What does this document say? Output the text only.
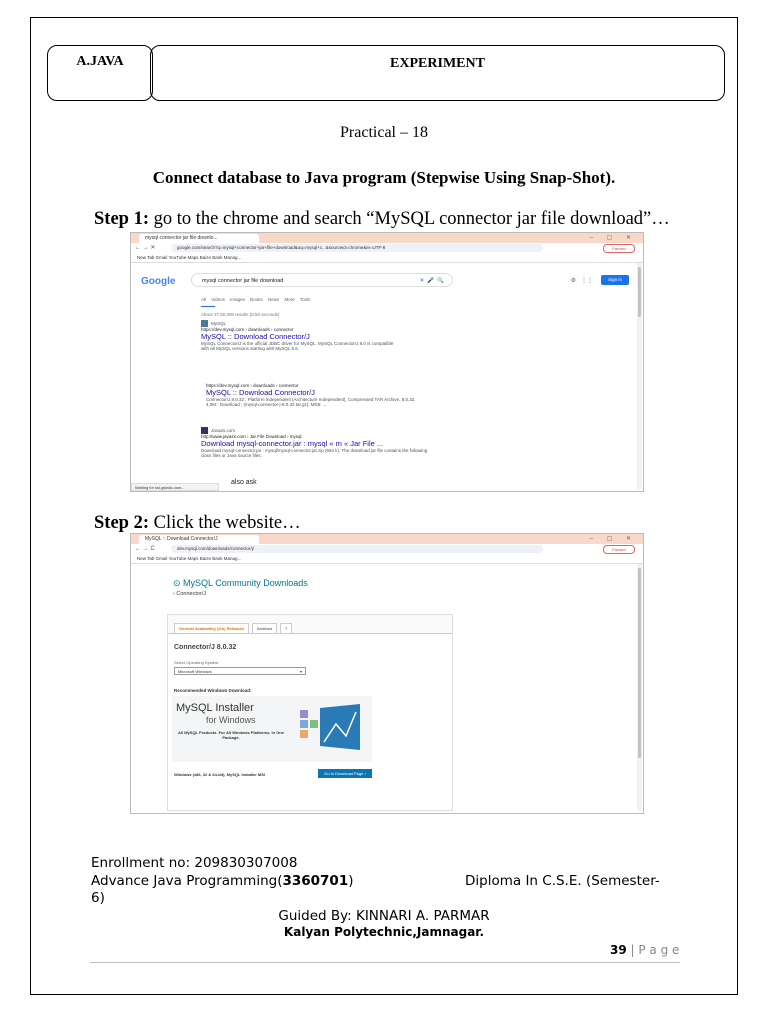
A.JAVA	EXPERIMENT
Practical – 18
Connect database to Java program (Stepwise Using Snap-Shot).
Step 1: go to the chrome and search “MySQL connector jar file download”…
mysql connector jar file downlo...	– ▢ ✕
← → ✕	google.com/search?q=mysql+connector+jar+file+download&oq=mysql+c...&sourceid=chrome&ie=UTF-8	Paused
New Tab Gmail YouTube Maps Baize Bank Manag...
Google	mysql connector jar file download	✕  🎤  🔍	⚙   ⋮⋮	Sign in
All Videos Images Books News More Tools
About 37,50,000 results (0.50 seconds)
MySQL
https://dev.mysql.com › downloads › connector
MySQL :: Download Connector/J
MySQL Connector/J is the official JDBC driver for MySQL. MySQL Connector/J 8.0 is compatible with all MySQL versions starting with MySQL 5.6.
https://dev.mysql.com › downloads › connector
MySQL :: Download Connector/J
Connector/J 8.0.32 ; Platform Independent (Architecture Independent), Compressed TAR Archive, 8.0.32, 4.0M ; Download ; (mysql-connector-j-8.0.32.tar.gz), MD5: ...
Java2s.com
http://www.java2s.com › Jar File Download › mysql
Download mysql-connector.jar : mysql « m « Jar File ...
Download mysql-connector.jar : mysql/mysql-connector.jar.zip (564 k). The download jar file contains the following class files or Java source files.
also ask
Waiting for ssl.gstatic.com...
Step 2: Click the website…
MySQL :: Download Connector/J	– ▢ ✕
← → C	dev.mysql.com/downloads/connector/j/	Paused
New Tab Gmail YouTube Maps Baize Bank Manag...
⊙ MySQL Community Downloads
‹ Connector/J
General Availability (GA) Releases	Archives	?
Connector/J 8.0.32
Select Operating System:
Microsoft Windows	▾
Recommended Windows Download:
MySQL Installer
for Windows
All MySQL Products. For All Windows Platforms. In One Package.
Windows (x86, 32 & 64-bit), MySQL Installer MSI	Go to Download Page ›
Enrollment no: 209830307008
Advance Java Programming(3360701)	Diploma In C.S.E. (Semester-
6)
Guided By: KINNARI A. PARMAR
Kalyan Polytechnic,Jamnagar.
39 | P a g e
